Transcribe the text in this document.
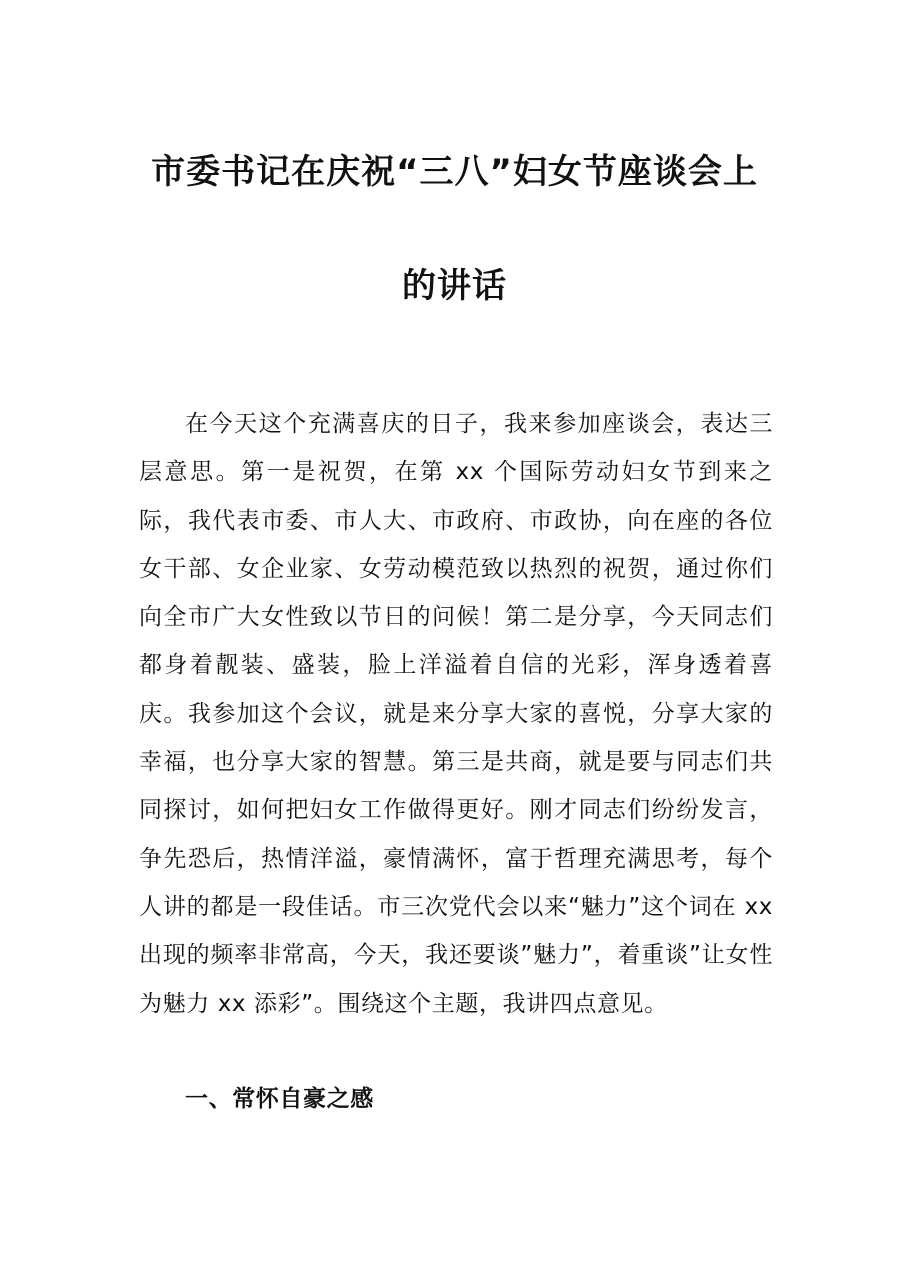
市委书记在庆祝“三八”妇女节座谈会上
的讲话

在今天这个充满喜庆的日子，我来参加座谈会，表达三层意思。第一是祝贺，在第 xx 个国际劳动妇女节到来之际，我代表市委、市人大、市政府、市政协，向在座的各位女干部、女企业家、女劳动模范致以热烈的祝贺，通过你们向全市广大女性致以节日的问候！第二是分享，今天同志们都身着靓装、盛装，脸上洋溢着自信的光彩，浑身透着喜庆。我参加这个会议，就是来分享大家的喜悦，分享大家的幸福，也分享大家的智慧。第三是共商，就是要与同志们共同探讨，如何把妇女工作做得更好。刚才同志们纷纷发言，争先恐后，热情洋溢，豪情满怀，富于哲理充满思考，每个人讲的都是一段佳话。市三次党代会以来“魅力”这个词在 xx 出现的频率非常高，今天，我还要谈”魅力”，着重谈”让女性为魅力 xx 添彩”。围绕这个主题，我讲四点意见。

一、常怀自豪之感
